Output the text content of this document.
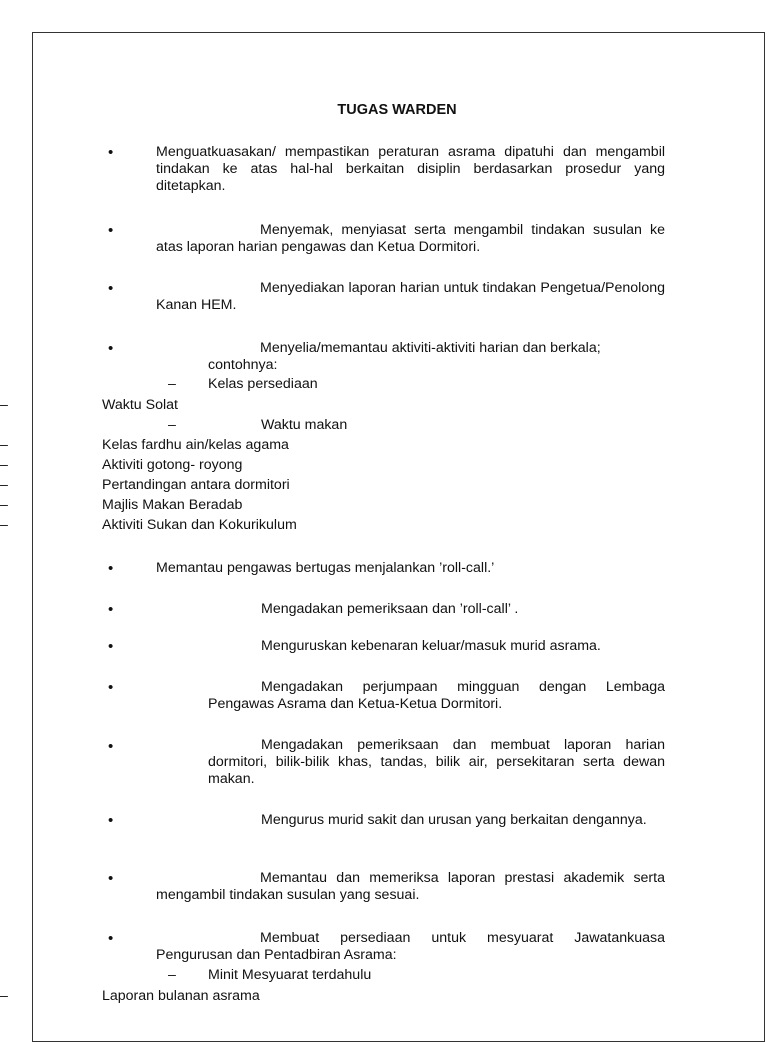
TUGAS WARDEN
•	Menguatkuasakan/ mempastikan peraturan asrama dipatuhi dan mengambil tindakan ke atas hal-hal berkaitan disiplin berdasarkan prosedur yang ditetapkan.

•	Menyemak, menyiasat serta mengambil tindakan susulan ke atas laporan harian pengawas dan Ketua Dormitori.

•	Menyediakan laporan harian untuk tindakan Pengetua/Penolong Kanan HEM.

•	Menyelia/memantau aktiviti-aktiviti harian dan berkala;

contohnya:
– Kelas persediaan
–	Waktu Solat
–	Waktu makan
–	Kelas fardhu ain/kelas agama
–	Aktiviti gotong- royong
–	Pertandingan antara dormitori
–	Majlis Makan Beradab
–	Aktiviti Sukan dan Kokurikulum
•	Memantau pengawas bertugas menjalankan ’roll-call.’
•	Mengadakan pemeriksaan dan ’roll-call’ .
•	Menguruskan kebenaran keluar/masuk murid asrama.
•	Mengadakan perjumpaan mingguan dengan Lembaga Pengawas Asrama dan Ketua-Ketua Dormitori.

•	Mengadakan pemeriksaan dan membuat laporan harian dormitori, bilik-bilik khas, tandas, bilik air, persekitaran serta dewan makan.

•	Mengurus murid sakit dan urusan yang berkaitan dengannya.

•	Memantau dan memeriksa laporan prestasi akademik serta mengambil tindakan susulan yang sesuai.

•	Membuat persediaan untuk mesyuarat Jawatankuasa Pengurusan dan Pentadbiran Asrama:

– Minit Mesyuarat terdahulu
–	Laporan bulanan asrama
